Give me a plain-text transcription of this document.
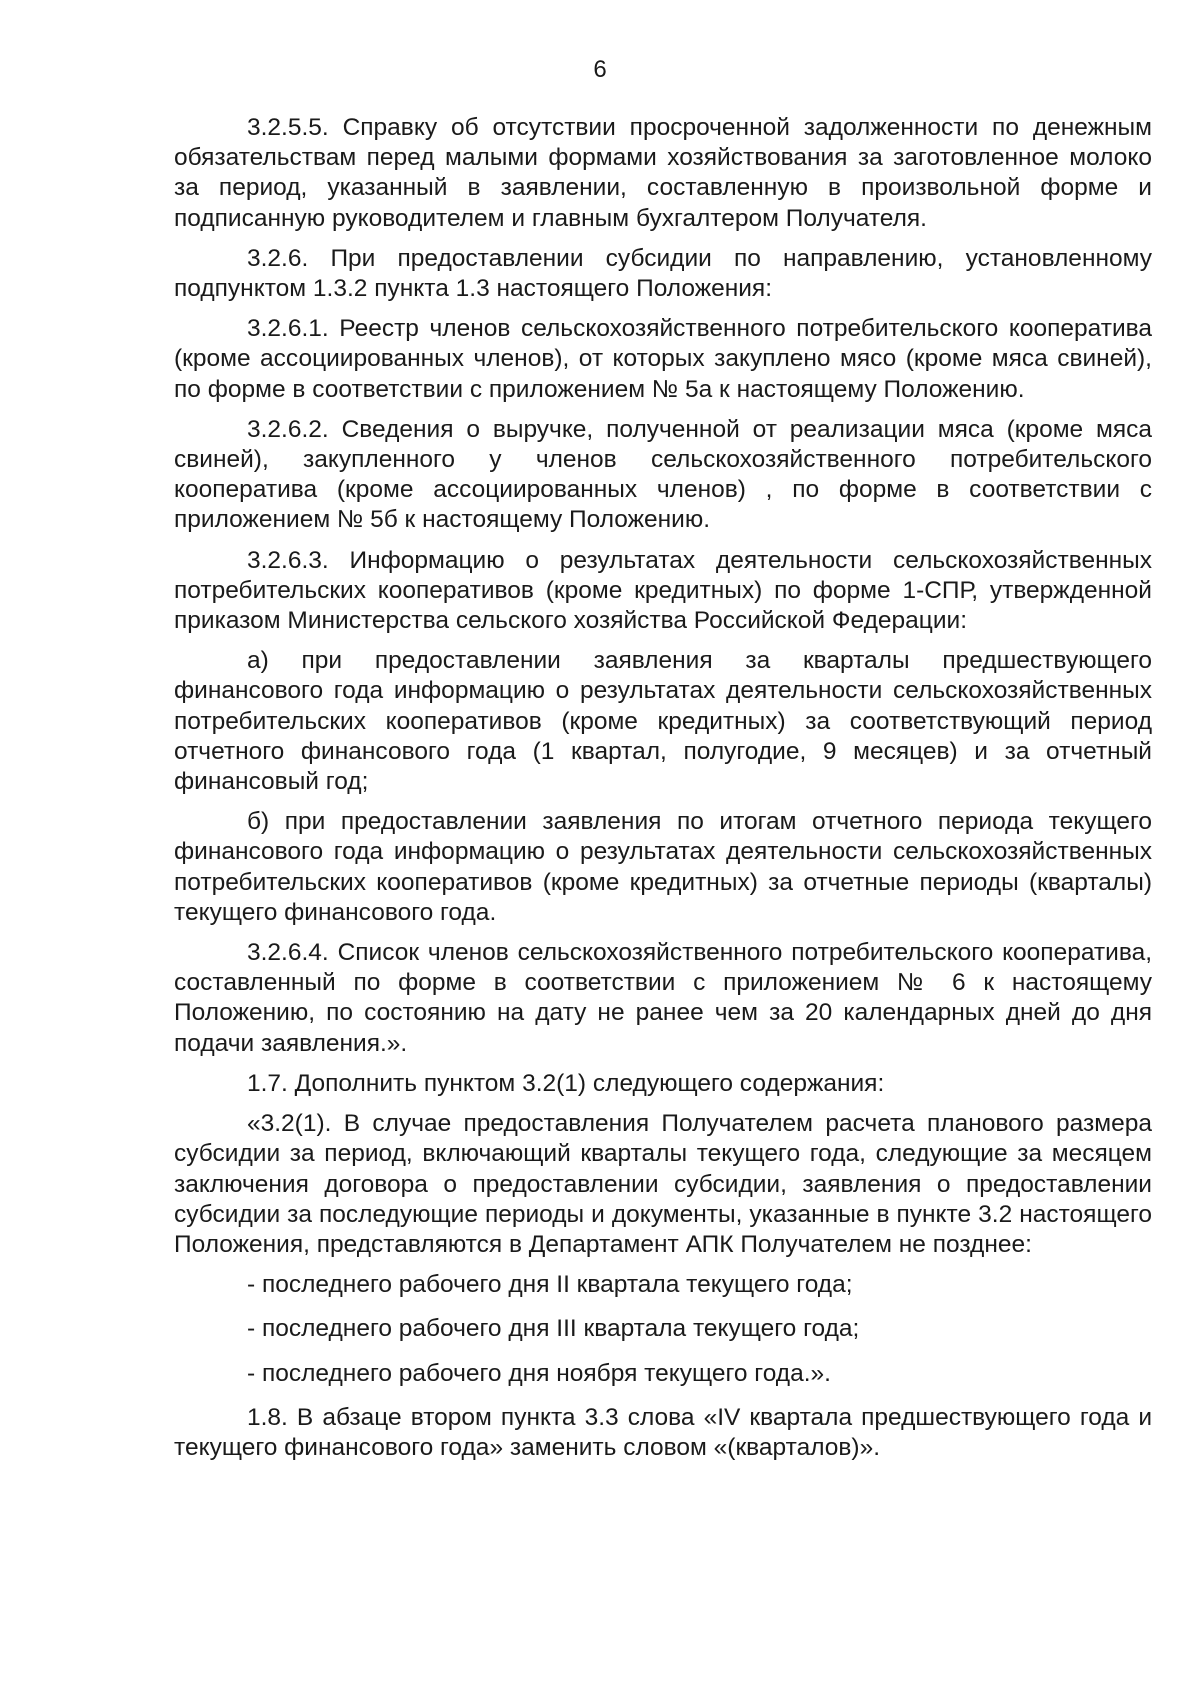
6

3.2.5.5. Справку об отсутствии просроченной задолженности по денежным обязательствам перед малыми формами хозяйствования за заготовленное молоко за период, указанный в заявлении, составленную в произвольной форме и подписанную руководителем и главным бухгалтером Получателя.

3.2.6. При предоставлении субсидии по направлению, установленному подпунктом 1.3.2 пункта 1.3 настоящего Положения:

3.2.6.1. Реестр членов сельскохозяйственного потребительского кооператива (кроме ассоциированных членов), от которых закуплено мясо (кроме мяса свиней), по форме в соответствии с приложением № 5а к настоящему Положению.

3.2.6.2. Сведения о выручке, полученной от реализации мяса (кроме мяса свиней), закупленного у членов сельскохозяйственного потребительского кооператива (кроме ассоциированных членов) , по форме в соответствии с приложением № 5б к настоящему Положению.

3.2.6.3. Информацию о результатах деятельности сельскохозяйственных потребительских кооперативов (кроме кредитных) по форме 1-СПР, утвержденной приказом Министерства сельского хозяйства Российской Федерации:

а) при предоставлении заявления за кварталы предшествующего финансового года информацию о результатах деятельности сельскохозяйственных потребительских кооперативов (кроме кредитных) за соответствующий период отчетного финансового года (1 квартал, полугодие, 9 месяцев) и за отчетный финансовый год;

б) при предоставлении заявления по итогам отчетного периода текущего финансового года информацию о результатах деятельности сельскохозяйственных потребительских кооперативов (кроме кредитных) за отчетные периоды (кварталы) текущего финансового года.

3.2.6.4. Список членов сельскохозяйственного потребительского кооператива, составленный по форме в соответствии с приложением № 6 к настоящему Положению, по состоянию на дату не ранее чем за 20 календарных дней до дня подачи заявления.».

1.7. Дополнить пунктом 3.2(1) следующего содержания:

«3.2(1). В случае предоставления Получателем расчета планового размера субсидии за период, включающий кварталы текущего года, следующие за месяцем заключения договора о предоставлении субсидии, заявления о предоставлении субсидии за последующие периоды и документы, указанные в пункте 3.2 настоящего Положения, представляются в Департамент АПК Получателем не позднее:

- последнего рабочего дня II квартала текущего года;

- последнего рабочего дня III квартала текущего года;

- последнего рабочего дня ноября текущего года.».

1.8. В абзаце втором пункта 3.3 слова «IV квартала предшествующего года и текущего финансового года» заменить словом «(кварталов)».
